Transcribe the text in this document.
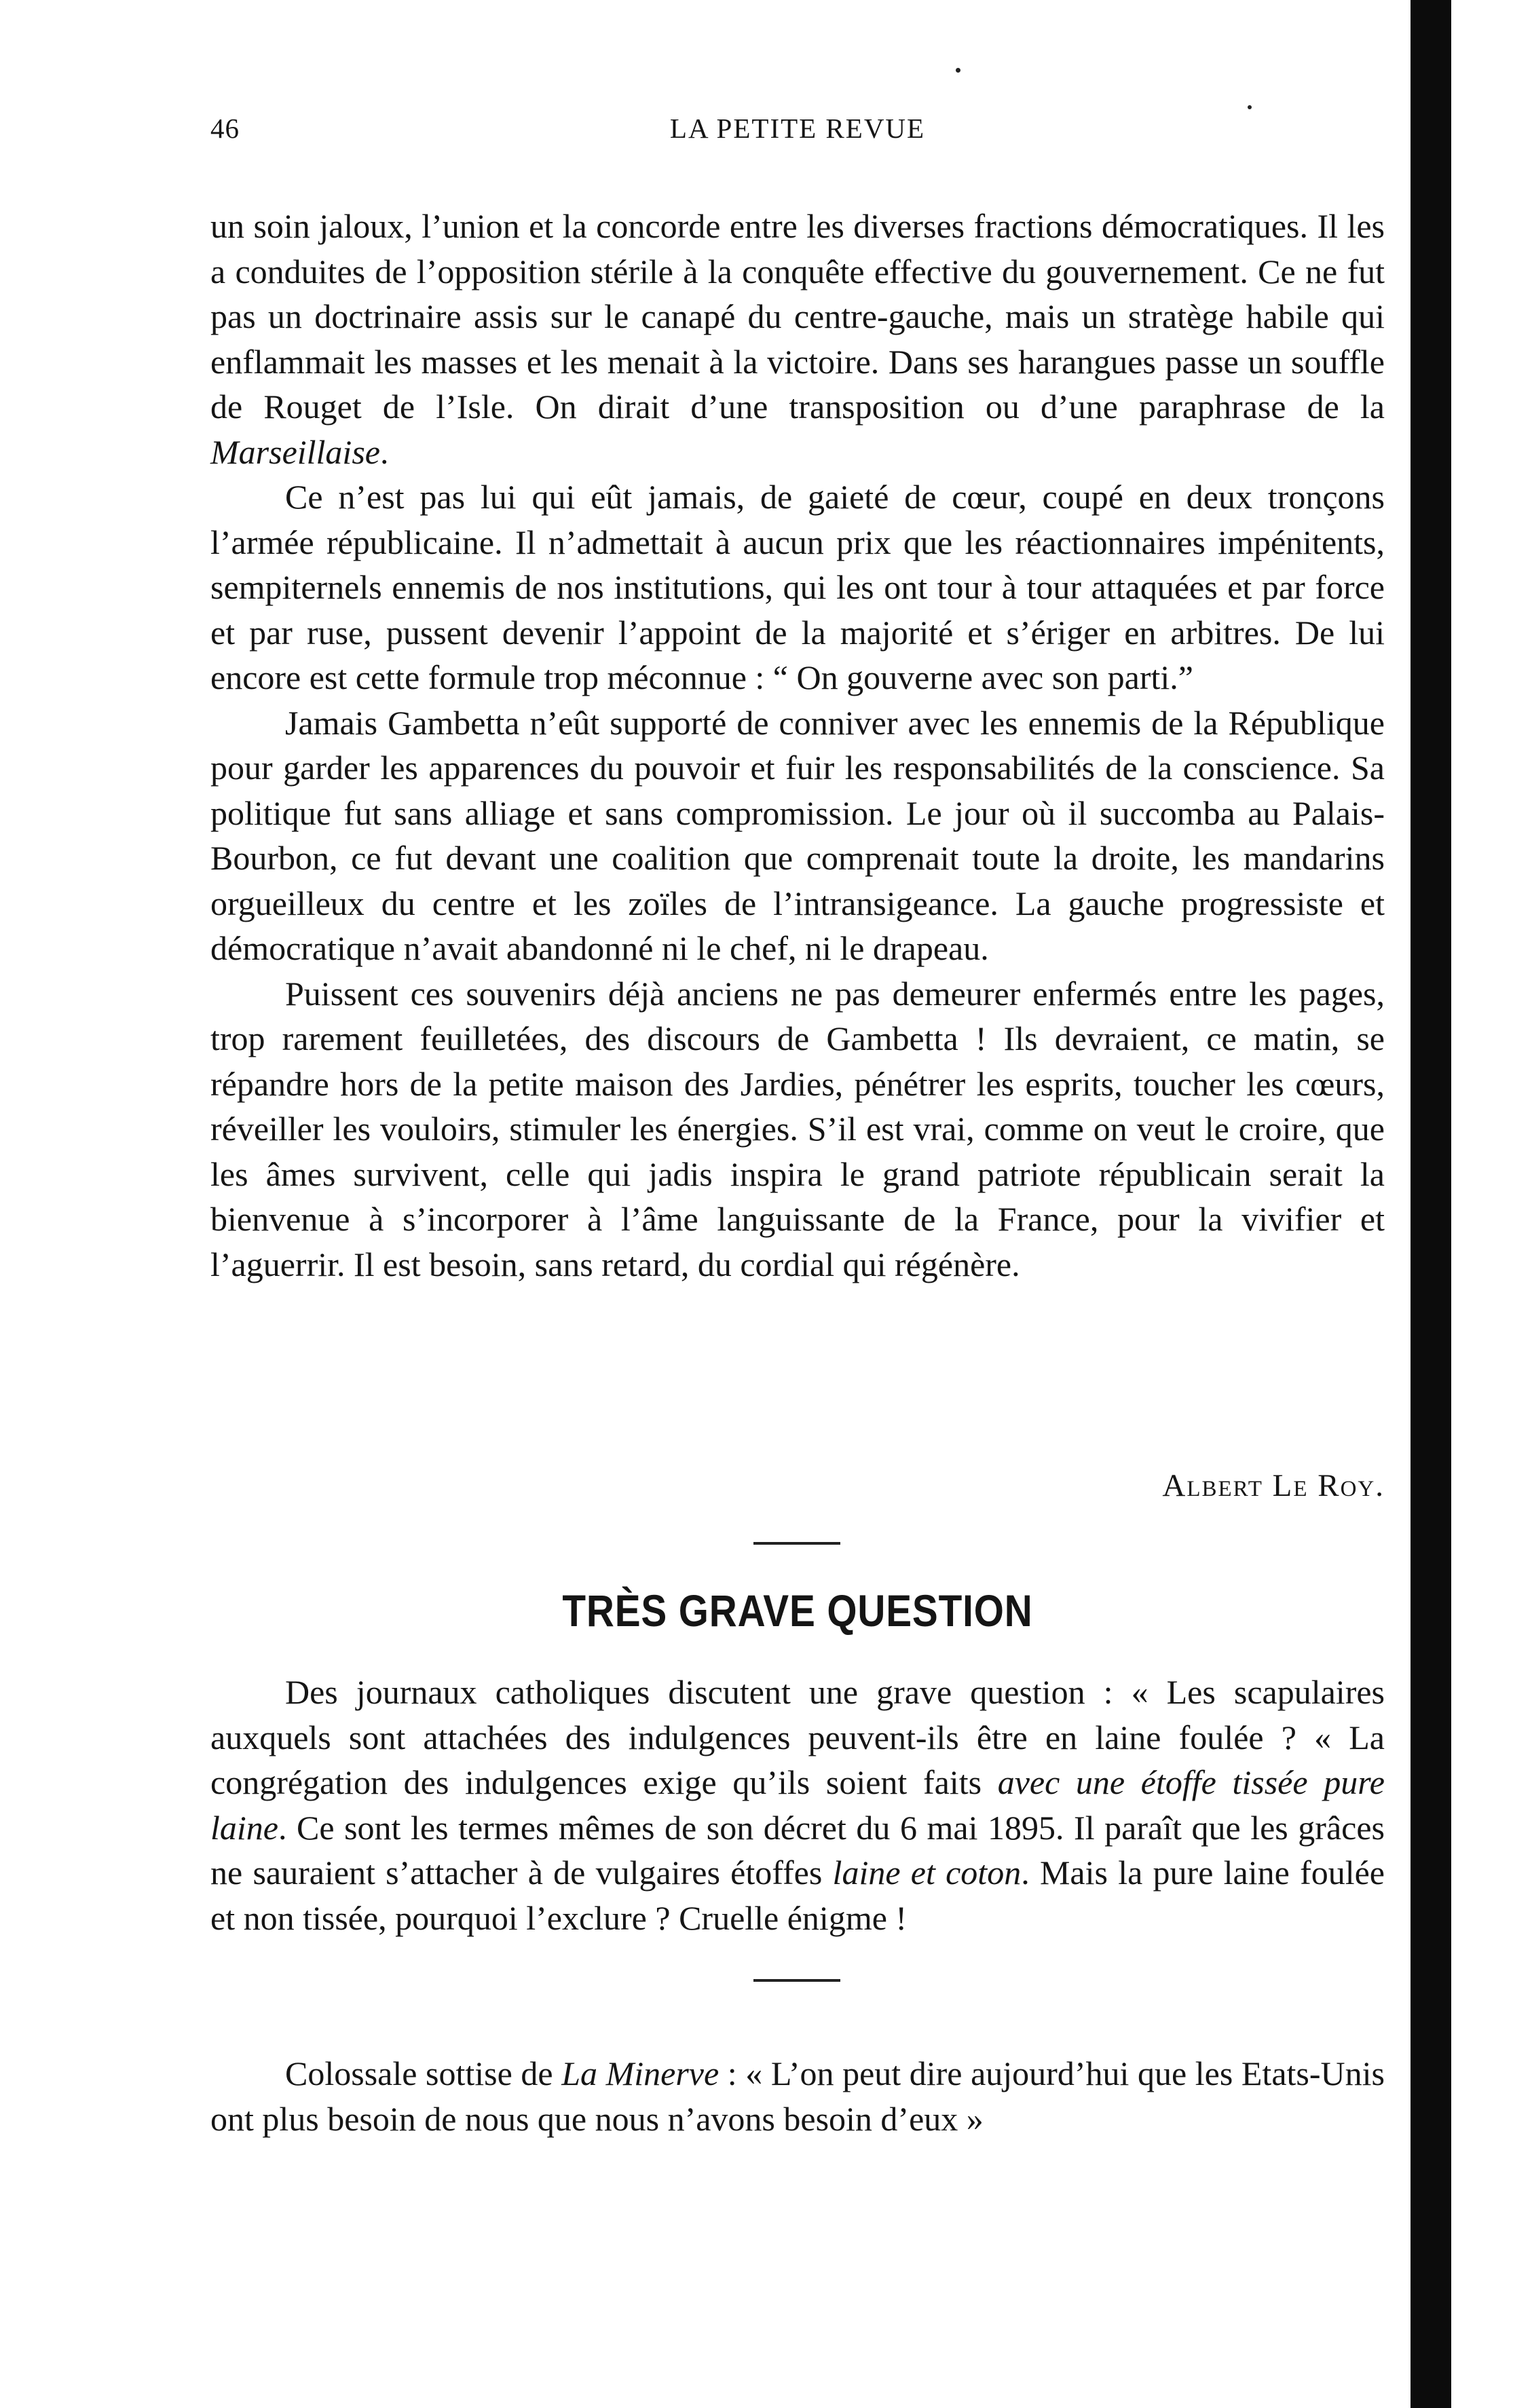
46	LA PETITE REVUE

un soin jaloux, l’union et la concorde entre les diverses fractions démocratiques. Il les a conduites de l’opposition stérile à la conquête effective du gouvernement. Ce ne fut pas un doctrinaire assis sur le canapé du centre-gauche, mais un stratège habile qui enflammait les masses et les menait à la victoire. Dans ses harangues passe un souffle de Rouget de l’Isle. On dirait d’une transposition ou d’une paraphrase de la Marseillaise.

Ce n’est pas lui qui eût jamais, de gaieté de cœur, coupé en deux tronçons l’armée républicaine. Il n’admettait à aucun prix que les réactionnaires impénitents, sempiternels ennemis de nos institutions, qui les ont tour à tour attaquées et par force et par ruse, pussent devenir l’appoint de la majorité et s’ériger en arbitres. De lui encore est cette formule trop méconnue : “ On gouverne avec son parti.”

Jamais Gambetta n’eût supporté de conniver avec les ennemis de la République pour garder les apparences du pouvoir et fuir les responsabilités de la conscience. Sa politique fut sans alliage et sans compromission. Le jour où il succomba au Palais-Bourbon, ce fut devant une coalition que comprenait toute la droite, les mandarins orgueilleux du centre et les zoïles de l’intransigeance. La gauche progressiste et démocratique n’avait abandonné ni le chef, ni le drapeau.

Puissent ces souvenirs déjà anciens ne pas demeurer enfermés entre les pages, trop rarement feuilletées, des discours de Gambetta ! Ils devraient, ce matin, se répandre hors de la petite maison des Jardies, pénétrer les esprits, toucher les cœurs, réveiller les vouloirs, stimuler les énergies. S’il est vrai, comme on veut le croire, que les âmes survivent, celle qui jadis inspira le grand patriote républicain serait la bienvenue à s’incorporer à l’âme languissante de la France, pour la vivifier et l’aguerrir. Il est besoin, sans retard, du cordial qui régénère.

Albert Le Roy.
TRÈS GRAVE QUESTION

Des journaux catholiques discutent une grave question : « Les scapulaires auxquels sont attachées des indulgences peuvent-ils être en laine foulée ? « La congrégation des indulgences exige qu’ils soient faits avec une étoffe tissée pure laine. Ce sont les termes mêmes de son décret du 6 mai 1895. Il paraît que les grâces ne sauraient s’attacher à de vulgaires étoffes laine et coton. Mais la pure laine foulée et non tissée, pourquoi l’exclure ? Cruelle énigme !

Colossale sottise de La Minerve : « L’on peut dire aujourd’hui que les Etats-Unis ont plus besoin de nous que nous n’avons besoin d’eux »
